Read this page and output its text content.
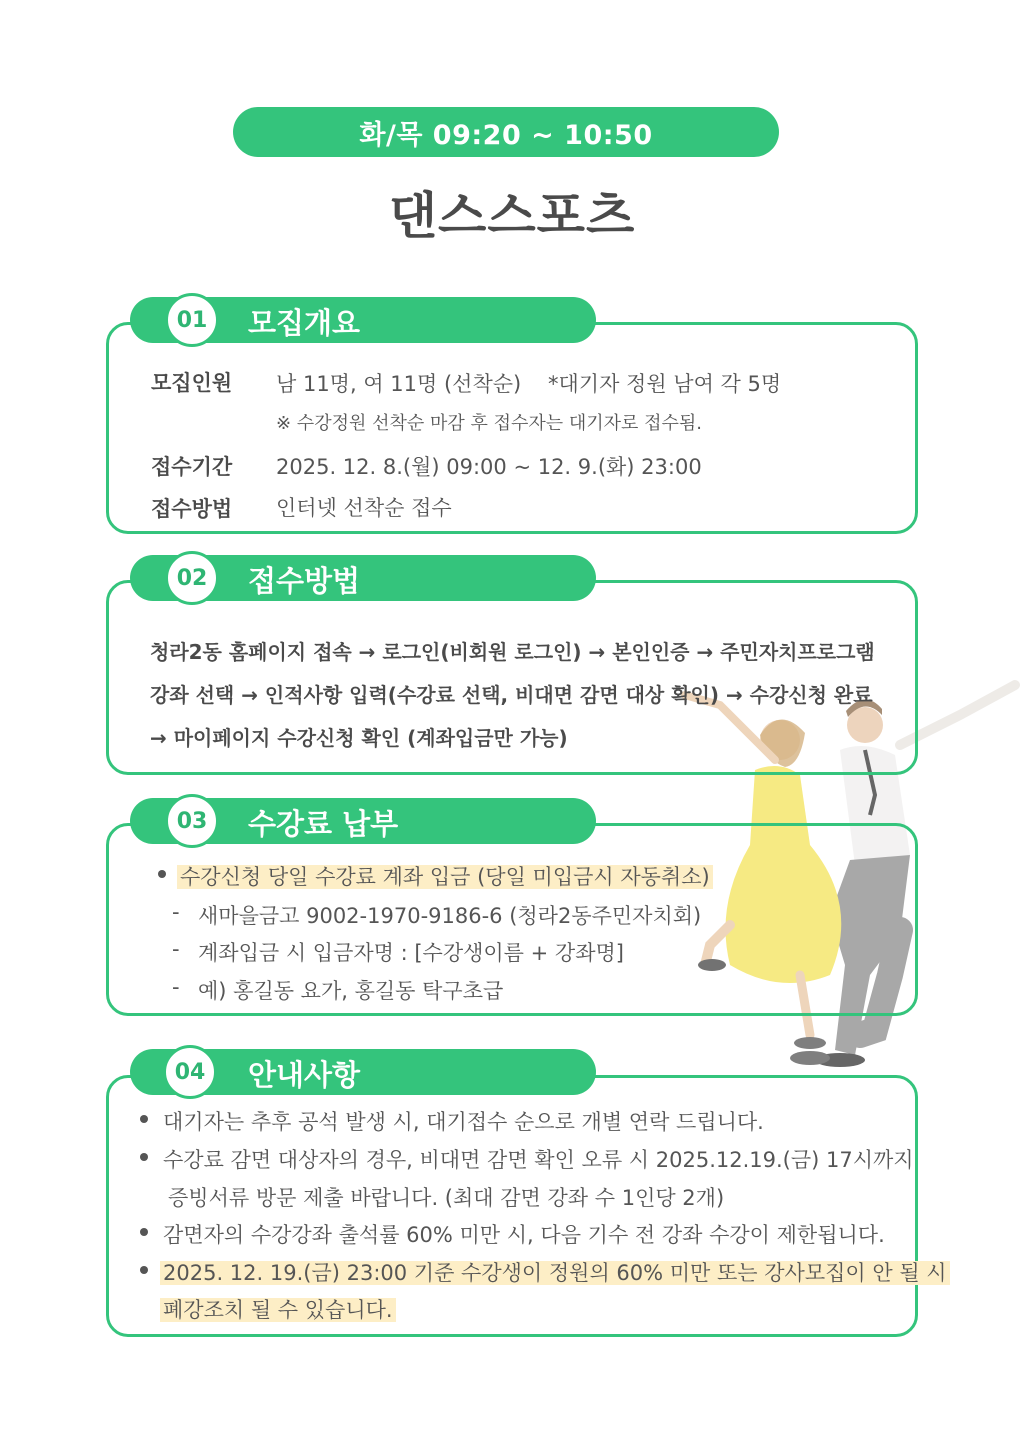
화/목 09:20 ~ 10:50
댄스스포츠
모집개요
01
모집인원 남 11명, 여 11명 (선착순) *대기자 정원 남여 각 5명
※ 수강정원 선착순 마감 후 접수자는 대기자로 접수됨.
접수기간 2025. 12. 8.(월) 09:00 ~ 12. 9.(화) 23:00
접수방법 인터넷 선착순 접수
접수방법
02
청라2동 홈페이지 접속 → 로그인(비회원 로그인) → 본인인증 → 주민자치프로그램
강좌 선택 → 인적사항 입력(수강료 선택, 비대면 감면 대상 확인) → 수강신청 완료
→ 마이페이지 수강신청 확인 (계좌입금만 가능)
수강료 납부
03
수강신청 당일 수강료 계좌 입금 (당일 미입금시 자동취소)
- 새마을금고 9002-1970-9186-6 (청라2동주민자치회)
- 계좌입금 시 입금자명 : [수강생이름 + 강좌명]
- 예) 홍길동 요가, 홍길동 탁구초급
안내사항
04
대기자는 추후 공석 발생 시, 대기접수 순으로 개별 연락 드립니다.
수강료 감면 대상자의 경우, 비대면 감면 확인 오류 시 2025.12.19.(금) 17시까지
증빙서류 방문 제출 바랍니다. (최대 감면 강좌 수 1인당 2개)
감면자의 수강강좌 출석률 60% 미만 시, 다음 기수 전 강좌 수강이 제한됩니다.
2025. 12. 19.(금) 23:00 기준 수강생이 정원의 60% 미만 또는 강사모집이 안 될 시
폐강조치 될 수 있습니다.
